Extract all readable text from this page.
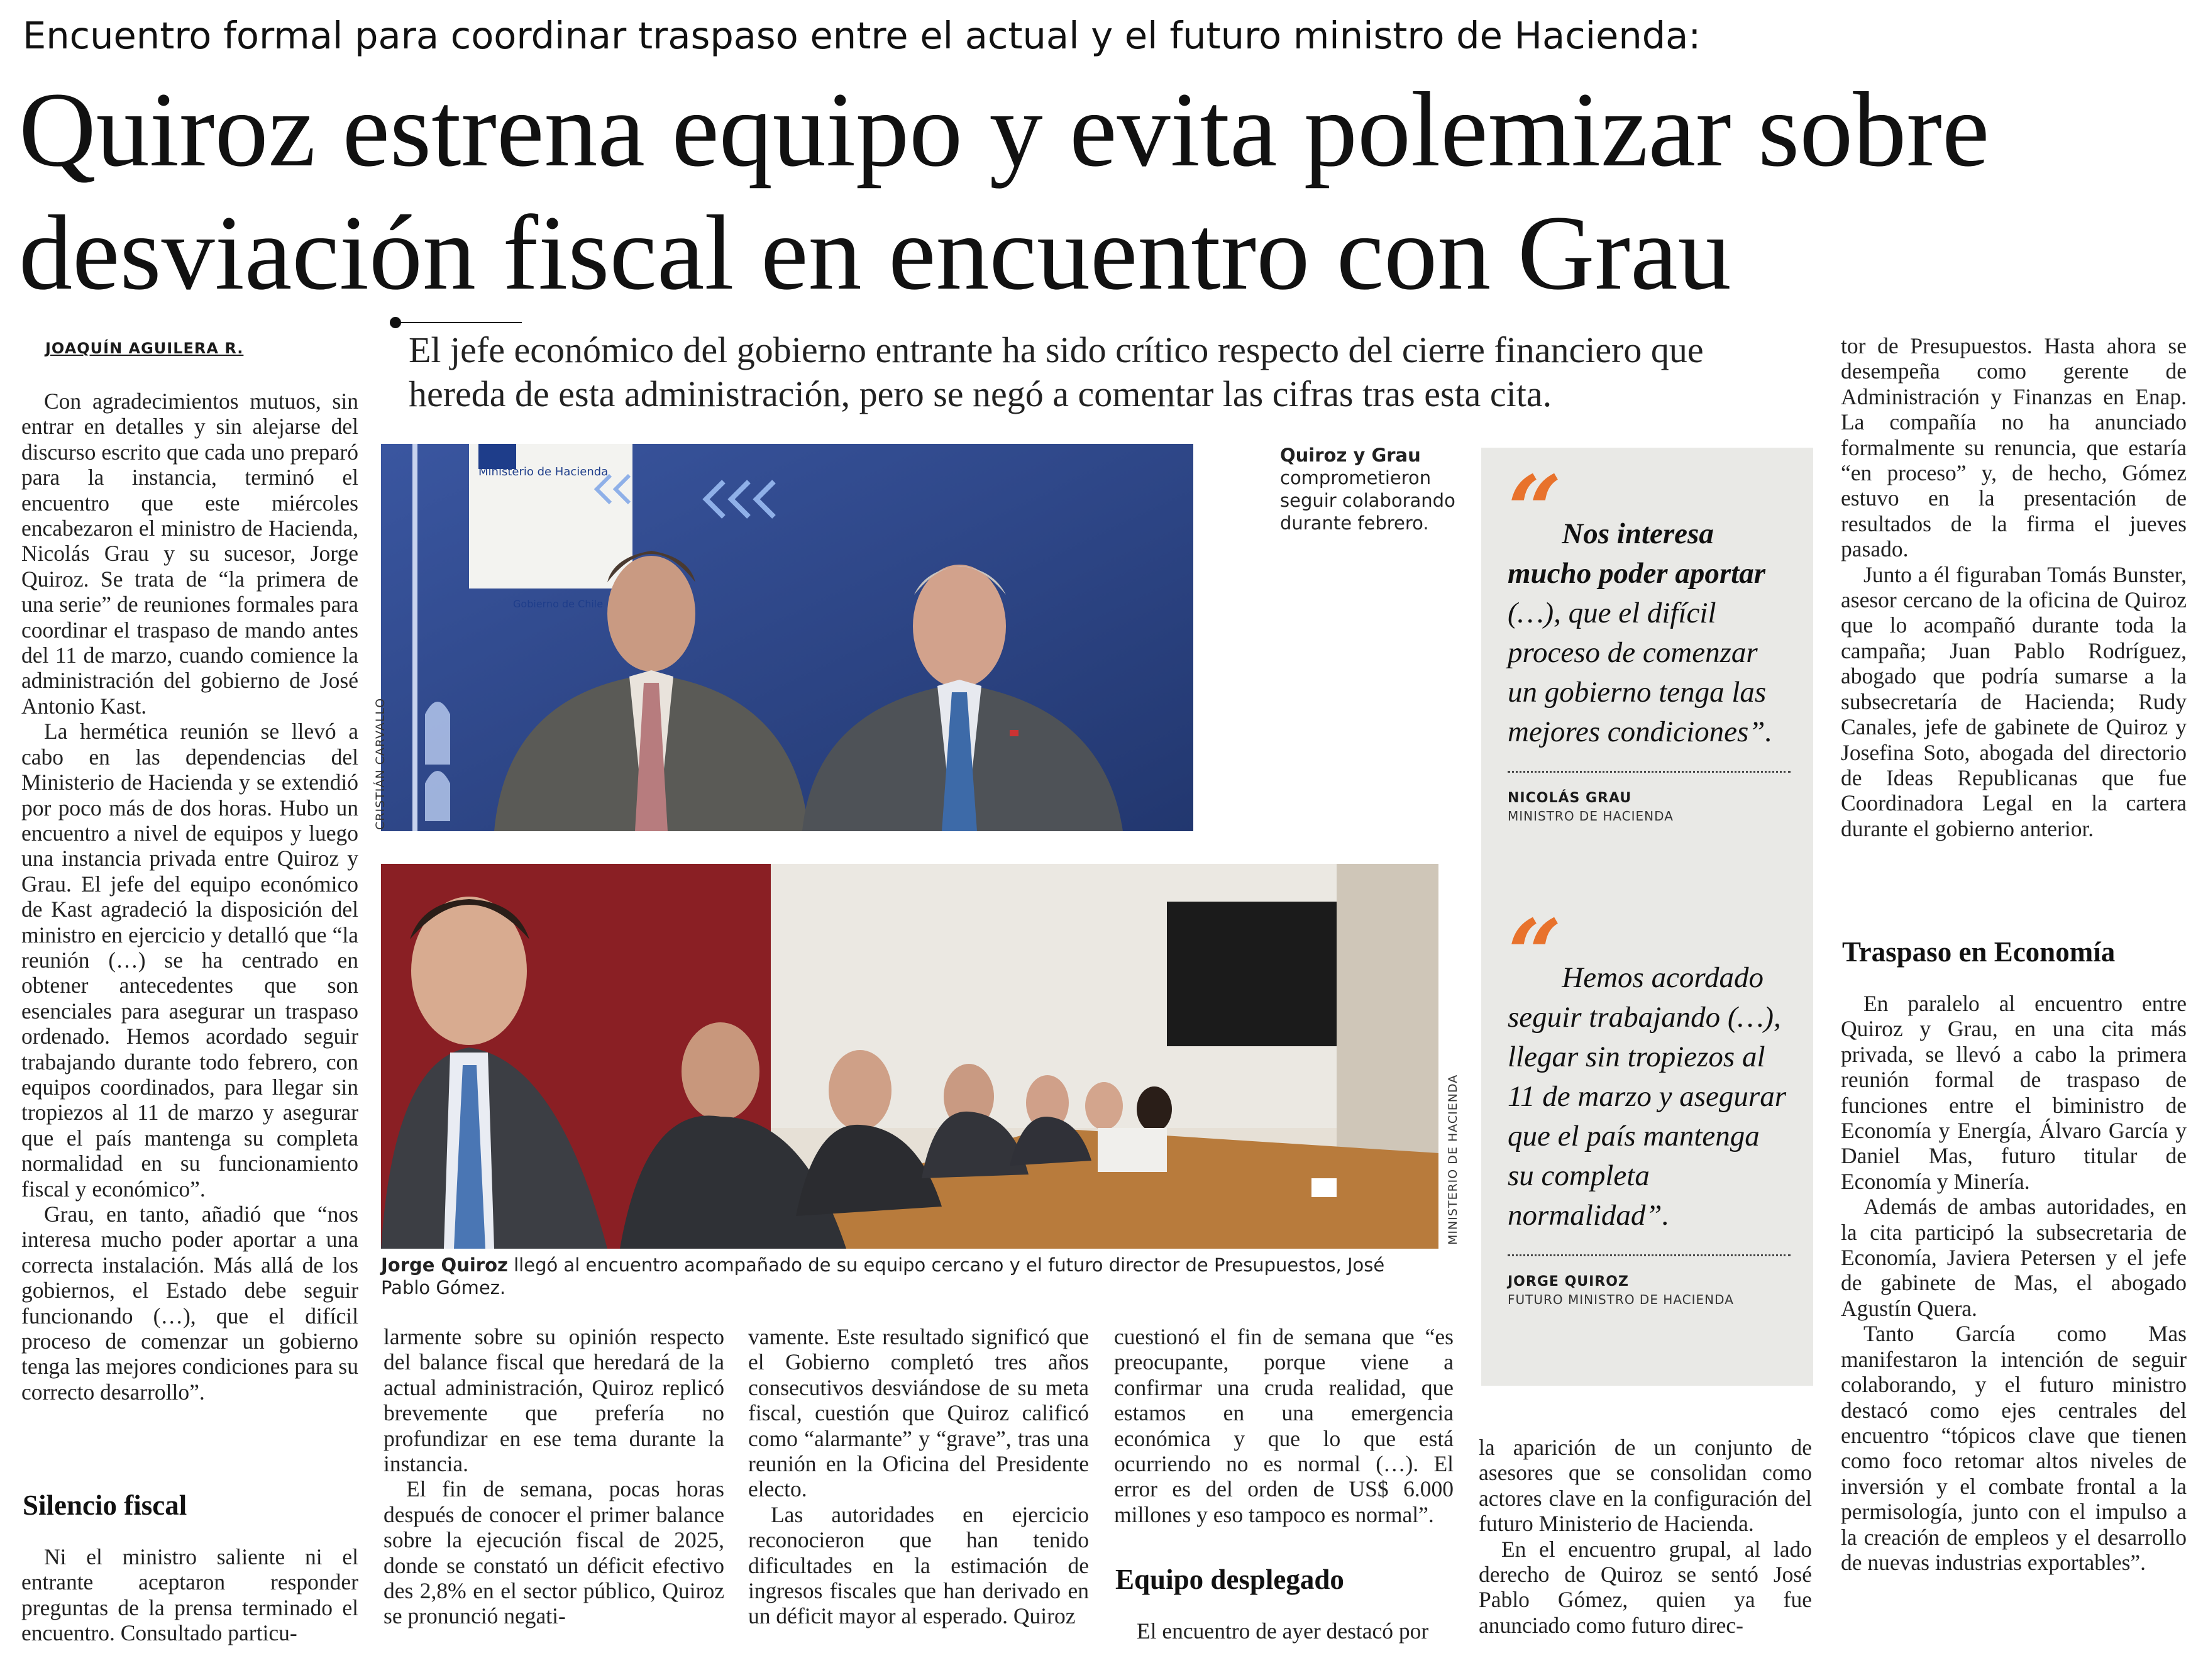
Encuentro formal para coordinar traspaso entre el actual y el futuro ministro de Hacienda:
Quiroz estrena equipo y evita polemizar sobre desviación fiscal en encuentro con Grau
JOAQUÍN AGUILERA R.	El jefe económico del gobierno entrante ha sido crítico respecto del cierre financiero que hereda de esta administración, pero se negó a comentar las cifras tras esta cita.

Con agradecimientos mutuos, sin entrar en detalles y sin alejarse del discurso escrito que cada uno preparó para la instancia, terminó el encuentro que este miércoles encabezaron el ministro de Hacienda, Nicolás Grau y su sucesor, Jorge Quiroz. Se trata de “la primera de una serie” de reuniones formales para coordinar el traspaso de mando antes del 11 de marzo, cuando comience la administración del gobierno de José Antonio Kast.

La hermética reunión se llevó a cabo en las dependencias del Ministerio de Hacienda y se extendió por poco más de dos horas. Hubo un encuentro a nivel de equipos y luego una instancia privada entre Quiroz y Grau. El jefe del equipo económico de Kast agradeció la disposición del ministro en ejercicio y detalló que “la reunión (…) se ha centrado en obtener antecedentes que son esenciales para asegurar un traspaso ordenado. Hemos acordado seguir trabajando durante todo febrero, con equipos coordinados, para llegar sin tropiezos al 11 de marzo y asegurar que el país mantenga su completa normalidad en su funcionamiento fiscal y económico”.

Grau, en tanto, añadió que “nos interesa mucho poder aportar a una correcta instalación. Más allá de los gobiernos, el Estado debe seguir funcionando (…), que el difícil proceso de comenzar un gobierno tenga las mejores condiciones para su correcto desarrollo”.

Silencio fiscal

Ni el ministro saliente ni el entrante aceptaron responder preguntas de la prensa terminado el encuentro. Consultado particu-

Ministerio de Hacienda
Gobierno de Chile
CRISTIÁN CARVALLO
Quiroz y Grau comprometieron seguir colaborando durante febrero.
MINISTERIO DE HACIENDA
Jorge Quiroz llegó al encuentro acompañado de su equipo cercano y el futuro director de Presupuestos, José Pablo Gómez.

larmente sobre su opinión respecto del balance fiscal que heredará de la actual administración, Quiroz replicó brevemente que prefería no profundizar en ese tema durante la instancia.

El fin de semana, pocas horas después de conocer el primer balance sobre la ejecución fiscal de 2025, donde se constató un déficit efectivo des 2,8% en el sector público, Quiroz se pronunció negati-

vamente. Este resultado significó que el Gobierno completó tres años consecutivos desviándose de su meta fiscal, cuestión que Quiroz calificó como “alarmante” y “grave”, tras una reunión en la Oficina del Presidente electo.

Las autoridades en ejercicio reconocieron que han tenido dificultades en la estimación de ingresos fiscales que han derivado en un déficit mayor al esperado. Quiroz

cuestionó el fin de semana que “es preocupante, porque viene a confirmar una cruda realidad, que estamos en una emergencia económica y que lo que está ocurriendo no es normal (…). El error es del orden de US$ 6.000 millones y eso tampoco es normal”.

Equipo desplegado

El encuentro de ayer destacó por

la aparición de un conjunto de asesores que se consolidan como actores clave en la configuración del futuro Ministerio de Hacienda.

En el encuentro grupal, al lado derecho de Quiroz se sentó José Pablo Gómez, quien ya fue anunciado como futuro direc-

“Nos interesa mucho poder aportar (…), que el difícil proceso de comenzar un gobierno tenga las mejores condiciones”.
NICOLÁS GRAU
MINISTRO DE HACIENDA
“Hemos acordado seguir trabajando (…), llegar sin tropiezos al 11 de marzo y asegurar que el país mantenga su completa normalidad”.
JORGE QUIROZ
FUTURO MINISTRO DE HACIENDA

tor de Presupuestos. Hasta ahora se desempeña como gerente de Administración y Finanzas en Enap. La compañía no ha anunciado formalmente su renuncia, que estaría “en proceso” y, de hecho, Gómez estuvo en la presentación de resultados de la firma el jueves pasado.

Junto a él figuraban Tomás Bunster, asesor cercano de la oficina de Quiroz que lo acompañó durante toda la campaña; Juan Pablo Rodríguez, abogado que podría sumarse a la subsecretaría de Hacienda; Rudy Canales, jefe de gabinete de Quiroz y Josefina Soto, abogada del directorio de Ideas Republicanas que fue Coordinadora Legal en la cartera durante el gobierno anterior.

Traspaso en Economía

En paralelo al encuentro entre Quiroz y Grau, en una cita más privada, se llevó a cabo la primera reunión formal de traspaso de funciones entre el biministro de Economía y Energía, Álvaro García y Daniel Mas, futuro titular de Economía y Minería.

Además de ambas autoridades, en la cita participó la subsecretaria de Economía, Javiera Petersen y el jefe de gabinete de Mas, el abogado Agustín Quera.

Tanto García como Mas manifestaron la intención de seguir colaborando, y el futuro ministro destacó como ejes centrales del encuentro “tópicos clave que tienen como foco retomar altos niveles de inversión y el combate frontal a la permisología, junto con el impulso a la creación de empleos y el desarrollo de nuevas industrias exportables”.
